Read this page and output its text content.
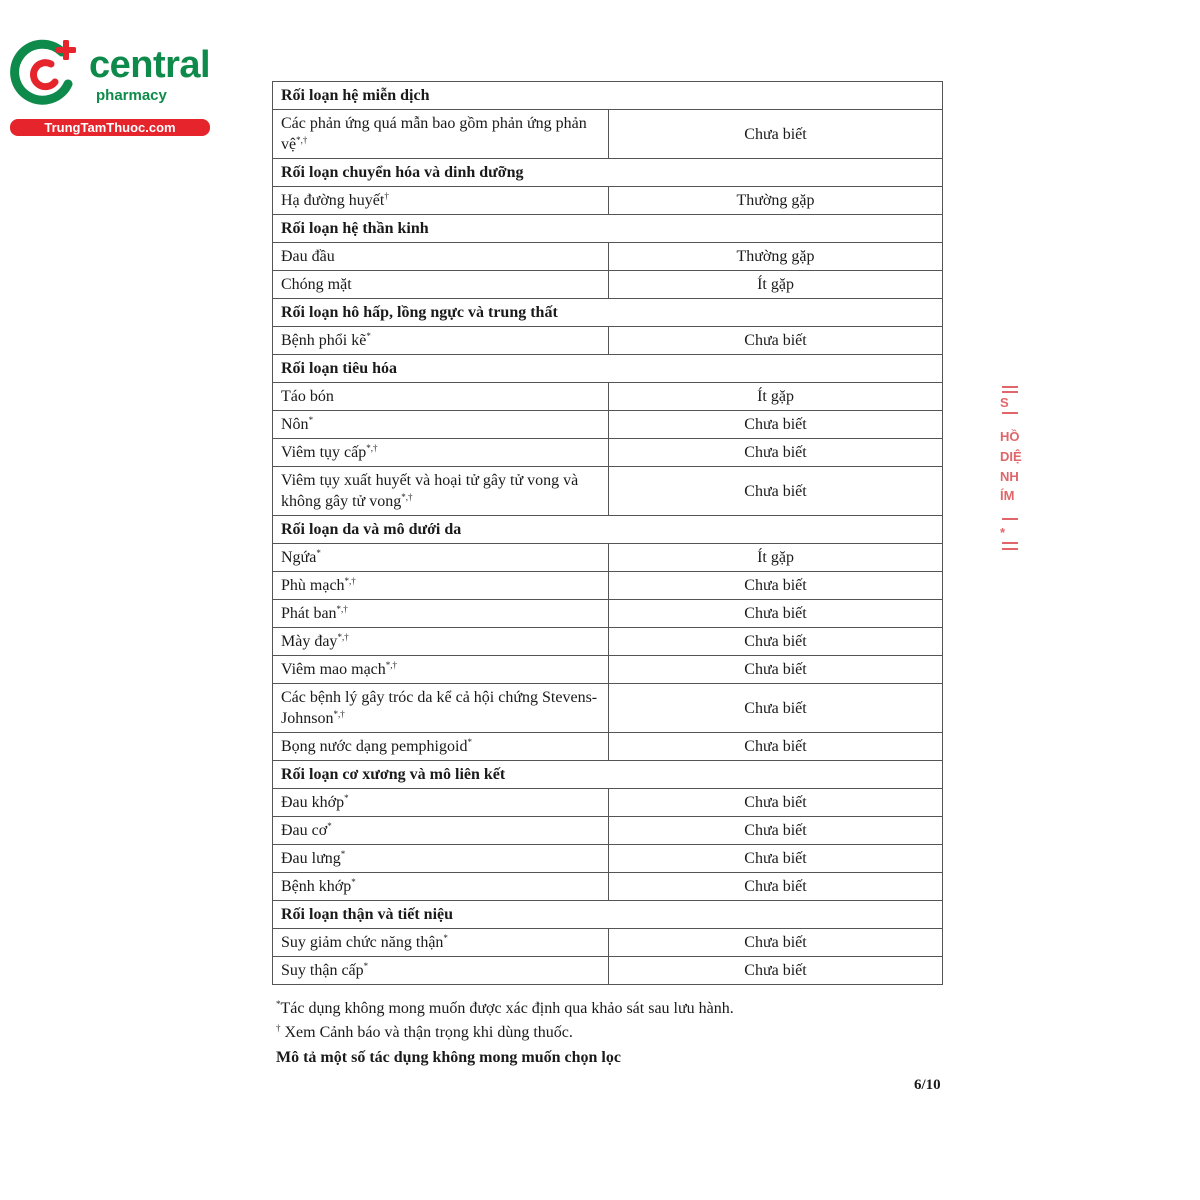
central
pharmacy
TrungTamThuoc.com
Rối loạn hệ miễn dịch	
Các phản ứng quá mẫn bao gồm phản ứng phản vệ*,†	Chưa biết
Rối loạn chuyển hóa và dinh dưỡng	
Hạ đường huyết†	Thường gặp
Rối loạn hệ thần kinh	
Đau đầu	Thường gặp
Chóng mặt	Ít gặp
Rối loạn hô hấp, lồng ngực và trung thất	
Bệnh phổi kẽ*	Chưa biết
Rối loạn tiêu hóa	
Táo bón	Ít gặp
Nôn*	Chưa biết
Viêm tụy cấp*,†	Chưa biết
Viêm tụy xuất huyết và hoại tử gây tử vong và không gây tử vong*,†	Chưa biết
Rối loạn da và mô dưới da	
Ngứa*	Ít gặp
Phù mạch*,†	Chưa biết
Phát ban*,†	Chưa biết
Mày đay*,†	Chưa biết
Viêm mao mạch*,†	Chưa biết
Các bệnh lý gây tróc da kể cả hội chứng Stevens-Johnson*,†	Chưa biết
Bọng nước dạng pemphigoid*	Chưa biết
Rối loạn cơ xương và mô liên kết	
Đau khớp*	Chưa biết
Đau cơ*	Chưa biết
Đau lưng*	Chưa biết
Bệnh khớp*	Chưa biết
Rối loạn thận và tiết niệu	
Suy giảm chức năng thận*	Chưa biết
Suy thận cấp*	Chưa biết
*Tác dụng không mong muốn được xác định qua khảo sát sau lưu hành.
† Xem Cảnh báo và thận trọng khi dùng thuốc.
Mô tả một số tác dụng không mong muốn chọn lọc
6/10
S
HỒ
DIỆ
NH
ÍM
*
